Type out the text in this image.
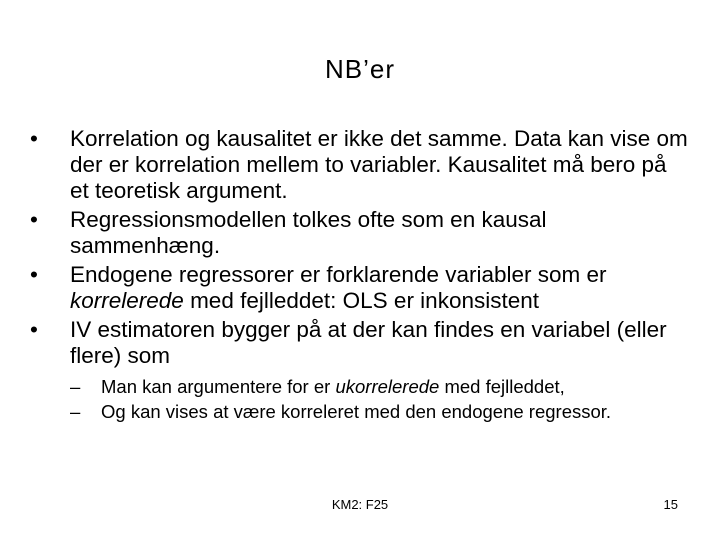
NB’er
•	Korrelation og kausalitet er ikke det samme. Data kan vise om der er korrelation mellem to variabler. Kausalitet må bero på et teoretisk argument.
•	Regressionsmodellen tolkes ofte som en kausal sammenhæng.
•	Endogene regressorer er forklarende variabler som er korrelerede med fejlleddet: OLS er inkonsistent
•	IV estimatoren bygger på at der kan findes en variabel (eller flere) som
– Man kan argumentere for er ukorrelerede med fejlleddet,
– Og kan vises at være korreleret med den endogene regressor.
KM2: F25	15
